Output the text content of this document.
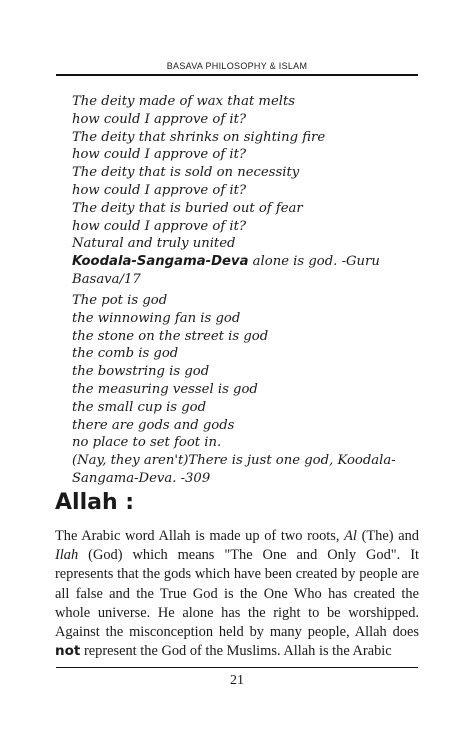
BASAVA PHILOSOPHY & ISLAM
The deity made of wax that melts
how could I approve of it?
The deity that shrinks on sighting fire
how could I approve of it?
The deity that is sold on necessity
how could I approve of it?
The deity that is buried out of fear
how could I approve of it?
Natural and truly united
Koodala-Sangama-Deva alone is god. -Guru Basava/17
The pot is god
the winnowing fan is god
the stone on the street is god
the comb is god
the bowstring is god
the measuring vessel is god
the small cup is god
there are gods and gods
no place to set foot in.
(Nay, they aren't)There is just one god, Koodala-Sangama-Deva. -309
Allah :
The Arabic word Allah is made up of two roots, Al (The) and Ilah (God) which means "The One and Only God". It represents that the gods which have been created by people are all false and the True God is the One Who has created the whole universe. He alone has the right to be worshipped. Against the misconception held by many people, Allah does not represent the God of the Muslims. Allah is the Arabic
21
